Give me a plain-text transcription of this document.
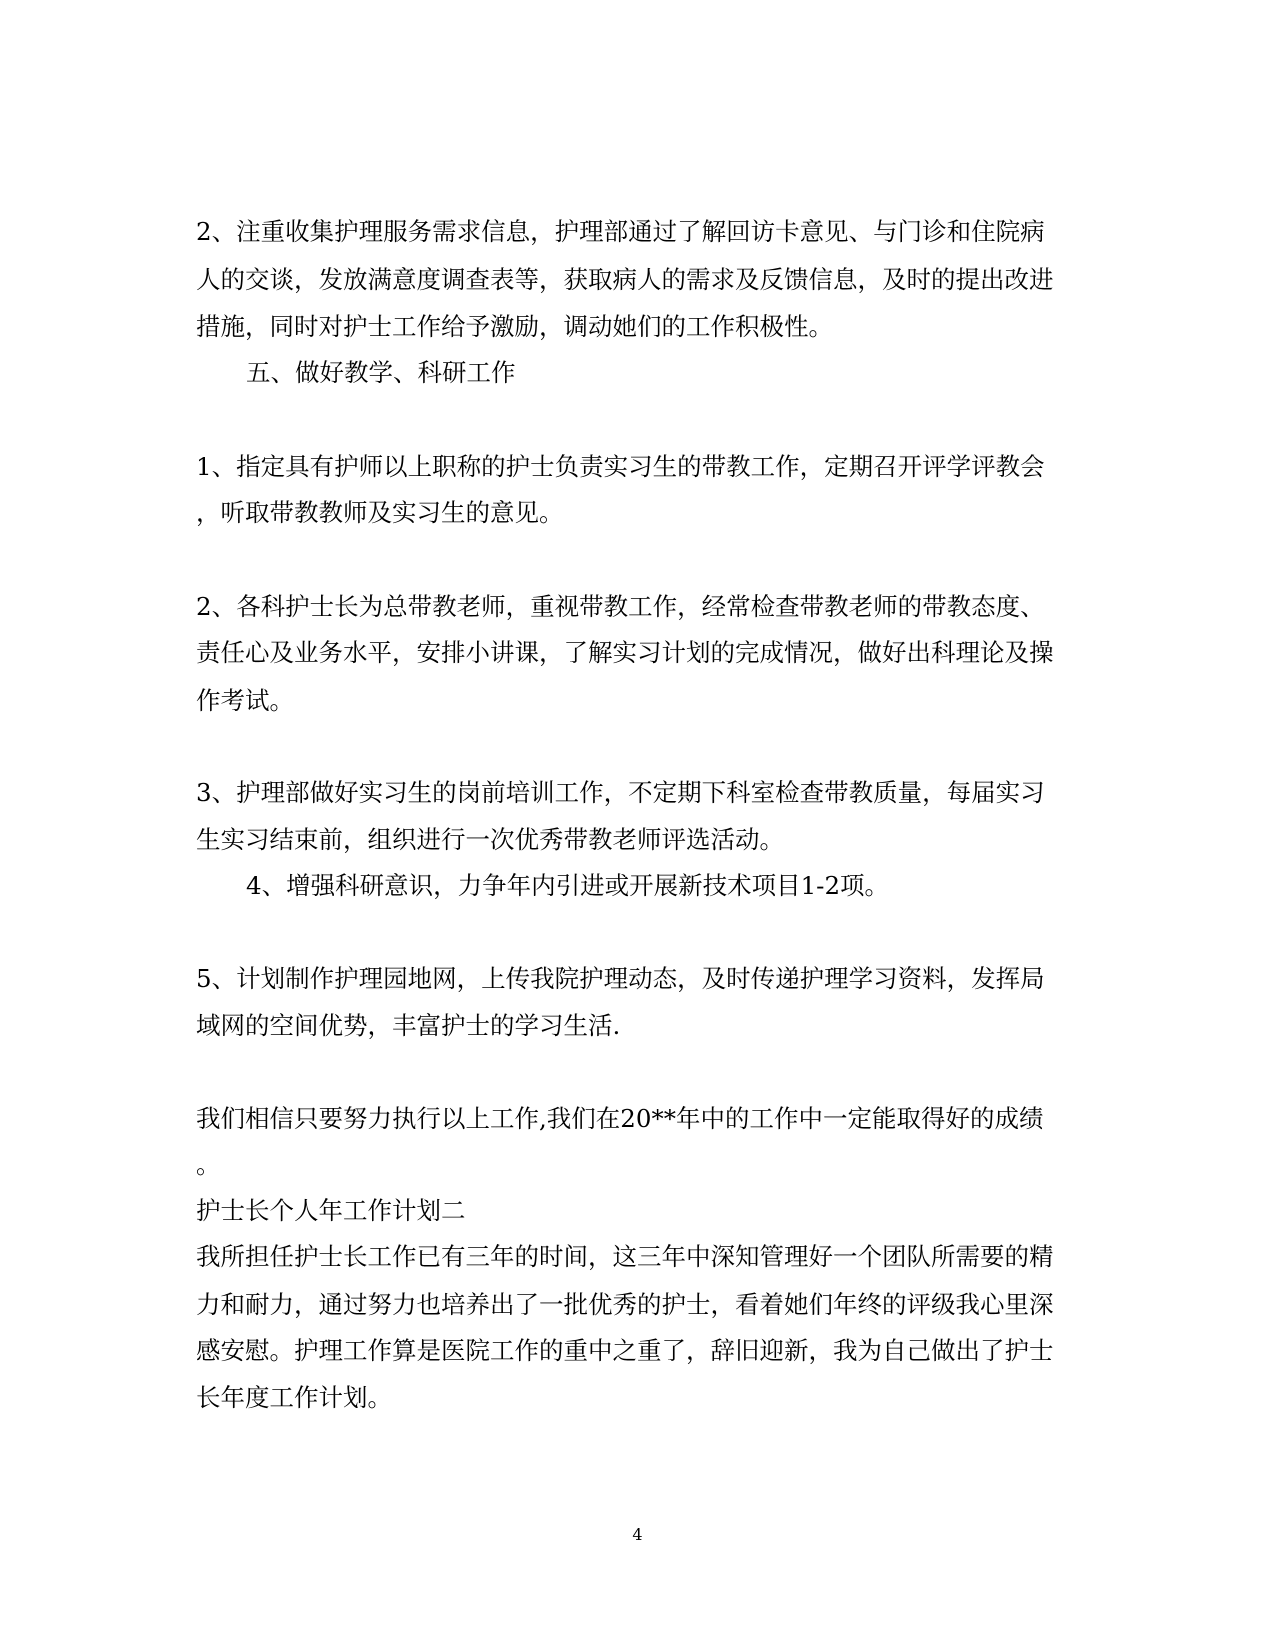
2、注重收集护理服务需求信息，护理部通过了解回访卡意见、与门诊和住院病
人的交谈，发放满意度调查表等，获取病人的需求及反馈信息，及时的提出改进
措施，同时对护士工作给予激励，调动她们的工作积极性。
五、做好教学、科研工作
1、指定具有护师以上职称的护士负责实习生的带教工作，定期召开评学评教会
，听取带教教师及实习生的意见。
2、各科护士长为总带教老师，重视带教工作，经常检查带教老师的带教态度、
责任心及业务水平，安排小讲课，了解实习计划的完成情况，做好出科理论及操
作考试。
3、护理部做好实习生的岗前培训工作，不定期下科室检查带教质量，每届实习
生实习结束前，组织进行一次优秀带教老师评选活动。
4、增强科研意识，力争年内引进或开展新技术项目1-2项。
5、计划制作护理园地网，上传我院护理动态，及时传递护理学习资料，发挥局
域网的空间优势，丰富护士的学习生活.
我们相信只要努力执行以上工作,我们在20**年中的工作中一定能取得好的成绩
。
护士长个人年工作计划二
我所担任护士长工作已有三年的时间，这三年中深知管理好一个团队所需要的精
力和耐力，通过努力也培养出了一批优秀的护士，看着她们年终的评级我心里深
感安慰。护理工作算是医院工作的重中之重了，辞旧迎新，我为自己做出了护士
长年度工作计划。
4
